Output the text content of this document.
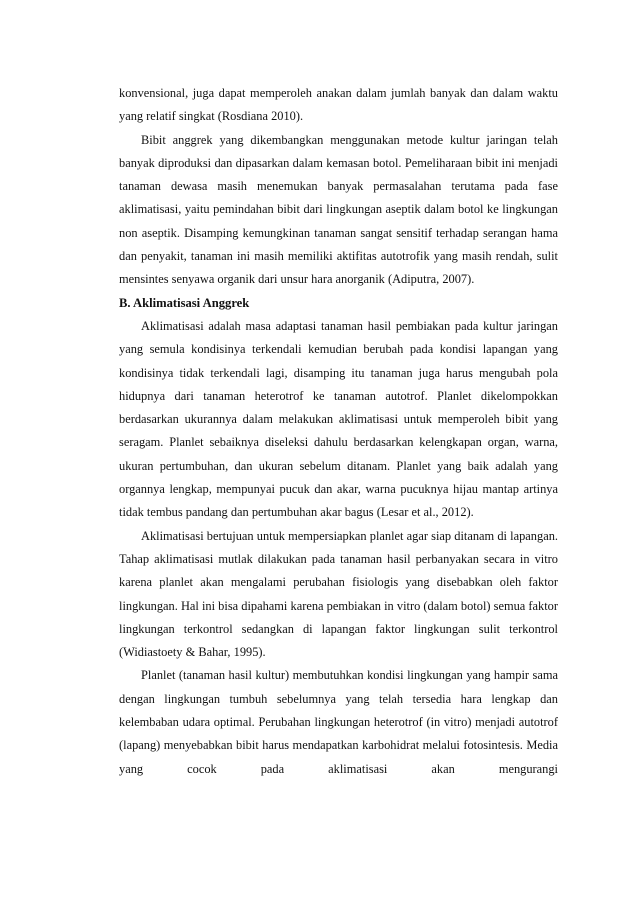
konvensional, juga dapat memperoleh anakan dalam jumlah banyak dan dalam waktu yang relatif singkat (Rosdiana 2010).

Bibit anggrek yang dikembangkan menggunakan metode kultur jaringan telah banyak diproduksi dan dipasarkan dalam kemasan botol. Pemeliharaan bibit ini menjadi tanaman dewasa masih menemukan banyak permasalahan terutama pada fase aklimatisasi, yaitu pemindahan bibit dari lingkungan aseptik dalam botol ke lingkungan non aseptik. Disamping kemungkinan tanaman sangat sensitif terhadap serangan hama dan penyakit, tanaman ini masih memiliki aktifitas autotrofik yang masih rendah, sulit mensintes senyawa organik dari unsur hara anorganik (Adiputra, 2007).

B. Aklimatisasi Anggrek

Aklimatisasi adalah masa adaptasi tanaman hasil pembiakan pada kultur jaringan yang semula kondisinya terkendali kemudian berubah pada kondisi lapangan yang kondisinya tidak terkendali lagi, disamping itu tanaman juga harus mengubah pola hidupnya dari tanaman heterotrof ke tanaman autotrof. Planlet dikelompokkan berdasarkan ukurannya dalam melakukan aklimatisasi untuk memperoleh bibit yang seragam. Planlet sebaiknya diseleksi dahulu berdasarkan kelengkapan organ, warna, ukuran pertumbuhan, dan ukuran sebelum ditanam. Planlet yang baik adalah yang organnya lengkap, mempunyai pucuk dan akar, warna pucuknya hijau mantap artinya tidak tembus pandang dan pertumbuhan akar bagus (Lesar et al., 2012).

Aklimatisasi bertujuan untuk mempersiapkan planlet agar siap ditanam di lapangan. Tahap aklimatisasi mutlak dilakukan pada tanaman hasil perbanyakan secara in vitro karena planlet akan mengalami perubahan fisiologis yang disebabkan oleh faktor lingkungan. Hal ini bisa dipahami karena pembiakan in vitro (dalam botol) semua faktor lingkungan terkontrol sedangkan di lapangan faktor lingkungan sulit terkontrol (Widiastoety & Bahar, 1995).

Planlet (tanaman hasil kultur) membutuhkan kondisi lingkungan yang hampir sama dengan lingkungan tumbuh sebelumnya yang telah tersedia hara lengkap dan kelembaban udara optimal. Perubahan lingkungan heterotrof (in vitro) menjadi autotrof (lapang) menyebabkan bibit harus mendapatkan karbohidrat melalui fotosintesis. Media yang cocok pada aklimatisasi akan mengurangi
